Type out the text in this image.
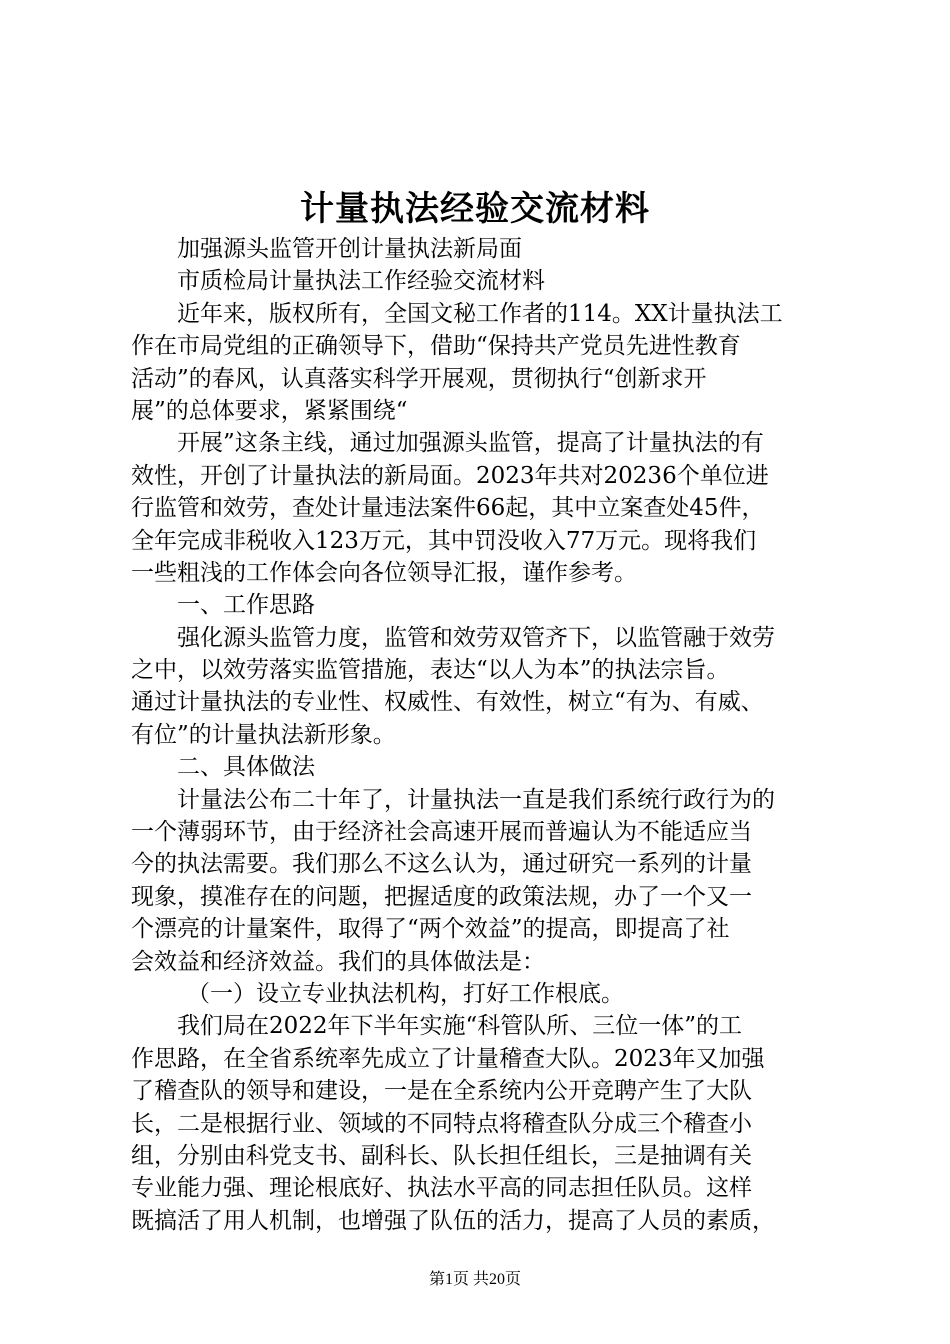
计量执法经验交流材料
加强源头监管开创计量执法新局面
市质检局计量执法工作经验交流材料
近年来，版权所有，全国文秘工作者的114。XX计量执法工
作在市局党组的正确领导下，借助“保持共产党员先进性教育
活动”的春风，认真落实科学开展观，贯彻执行“创新求开
展”的总体要求，紧紧围绕“
开展”这条主线，通过加强源头监管，提高了计量执法的有
效性，开创了计量执法的新局面。2023年共对20236个单位进
行监管和效劳，查处计量违法案件66起，其中立案查处45件，
全年完成非税收入123万元，其中罚没收入77万元。现将我们
一些粗浅的工作体会向各位领导汇报，谨作参考。
一、工作思路
强化源头监管力度，监管和效劳双管齐下，以监管融于效劳
之中，以效劳落实监管措施，表达“以人为本”的执法宗旨。
通过计量执法的专业性、权威性、有效性，树立“有为、有威、
有位”的计量执法新形象。
二、具体做法
计量法公布二十年了，计量执法一直是我们系统行政行为的
一个薄弱环节，由于经济社会高速开展而普遍认为不能适应当
今的执法需要。我们那么不这么认为，通过研究一系列的计量
现象，摸准存在的问题，把握适度的政策法规，办了一个又一
个漂亮的计量案件，取得了“两个效益”的提高，即提高了社
会效益和经济效益。我们的具体做法是：
（一）设立专业执法机构，打好工作根底。
我们局在2022年下半年实施“科管队所、三位一体”的工
作思路，在全省系统率先成立了计量稽查大队。2023年又加强
了稽查队的领导和建设，一是在全系统内公开竞聘产生了大队
长，二是根据行业、领域的不同特点将稽查队分成三个稽查小
组，分别由科党支书、副科长、队长担任组长，三是抽调有关
专业能力强、理论根底好、执法水平高的同志担任队员。这样
既搞活了用人机制，也增强了队伍的活力，提高了人员的素质，
第1页 共20页
